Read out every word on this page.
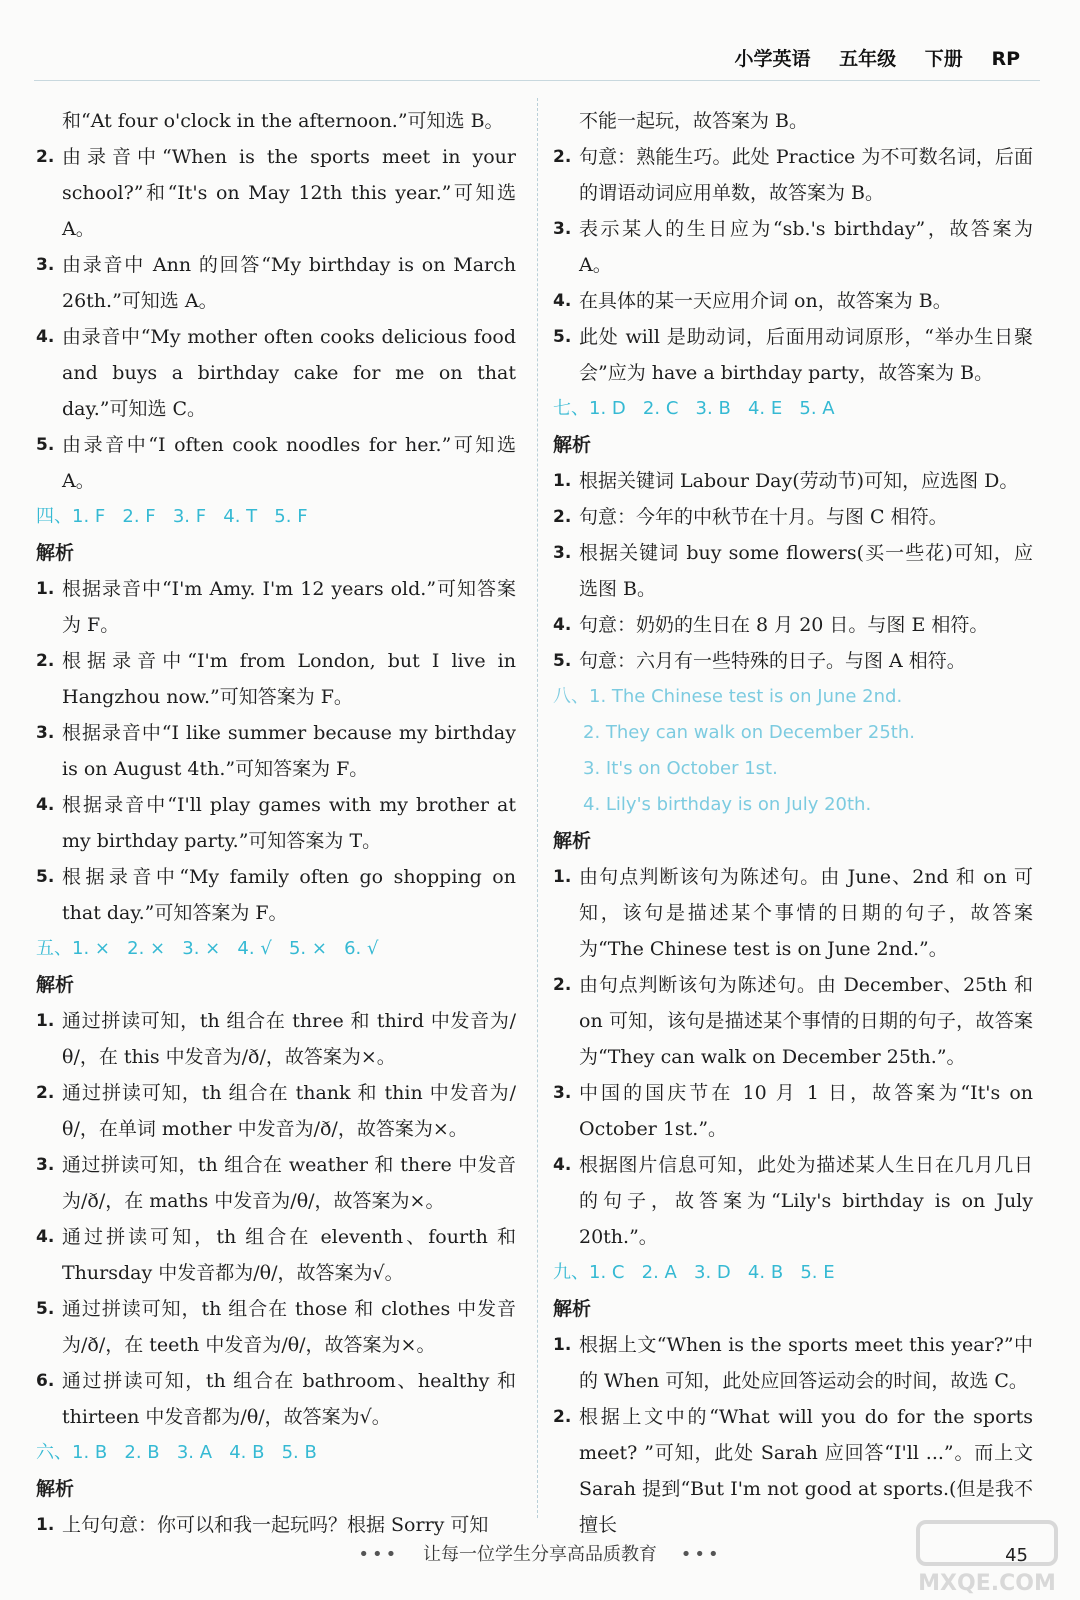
小学英语 五年级 下册 RP
和“At four o'clock in the afternoon.”可知选 B。
2. 由录音中“When is the sports meet in your school?”和“It's on May 12th this year.”可知选 A。
3. 由录音中 Ann 的回答“My birthday is on March 26th.”可知选 A。
4. 由录音中“My mother often cooks delicious food and buys a birthday cake for me on that day.”可知选 C。
5. 由录音中“I often cook noodles for her.”可知选 A。
四、1. F   2. F   3. F   4. T   5. F
解析
1. 根据录音中“I'm Amy. I'm 12 years old.”可知答案为 F。
2. 根据录音中“I'm from London, but I live in Hangzhou now.”可知答案为 F。
3. 根据录音中“I like summer because my birthday is on August 4th.”可知答案为 F。
4. 根据录音中“I'll play games with my brother at my birthday party.”可知答案为 T。
5. 根据录音中“My family often go shopping on that day.”可知答案为 F。
五、1. ×   2. ×   3. ×   4. √   5. ×   6. √
解析
1. 通过拼读可知，th 组合在 three 和 third 中发音为/θ/，在 this 中发音为/ð/，故答案为×。
2. 通过拼读可知，th 组合在 thank 和 thin 中发音为/θ/，在单词 mother 中发音为/ð/，故答案为×。
3. 通过拼读可知，th 组合在 weather 和 there 中发音为/ð/，在 maths 中发音为/θ/，故答案为×。
4. 通过拼读可知，th 组合在 eleventh、fourth 和 Thursday 中发音都为/θ/，故答案为√。
5. 通过拼读可知，th 组合在 those 和 clothes 中发音为/ð/，在 teeth 中发音为/θ/，故答案为×。
6. 通过拼读可知，th 组合在 bathroom、healthy 和 thirteen 中发音都为/θ/，故答案为√。
六、1. B   2. B   3. A   4. B   5. B
解析
1. 上句句意：你可以和我一起玩吗？根据 Sorry 可知
不能一起玩，故答案为 B。
2. 句意：熟能生巧。此处 Practice 为不可数名词，后面的谓语动词应用单数，故答案为 B。
3. 表示某人的生日应为“sb.'s birthday”，故答案为 A。
4. 在具体的某一天应用介词 on，故答案为 B。
5. 此处 will 是助动词，后面用动词原形，“举办生日聚会”应为 have a birthday party，故答案为 B。
七、1. D   2. C   3. B   4. E   5. A
解析
1. 根据关键词 Labour Day(劳动节)可知，应选图 D。
2. 句意：今年的中秋节在十月。与图 C 相符。
3. 根据关键词 buy some flowers(买一些花)可知，应选图 B。
4. 句意：奶奶的生日在 8 月 20 日。与图 E 相符。
5. 句意：六月有一些特殊的日子。与图 A 相符。
八、1. The Chinese test is on June 2nd.
2. They can walk on December 25th.
3. It's on October 1st.
4. Lily's birthday is on July 20th.
解析
1. 由句点判断该句为陈述句。由 June、2nd 和 on 可知，该句是描述某个事情的日期的句子，故答案为“The Chinese test is on June 2nd.”。
2. 由句点判断该句为陈述句。由 December、25th 和 on 可知，该句是描述某个事情的日期的句子，故答案为“They can walk on December 25th.”。
3. 中国的国庆节在 10 月 1 日，故答案为“It's on October 1st.”。
4. 根据图片信息可知，此处为描述某人生日在几月几日的句子，故答案为“Lily's birthday is on July 20th.”。
九、1. C   2. A   3. D   4. B   5. E
解析
1. 根据上文“When is the sports meet this year?”中的 When 可知，此处应回答运动会的时间，故选 C。
2. 根据上文中的“What will you do for the sports meet? ”可知，此处 Sarah 应回答“I'll ...”。而上文 Sarah 提到“But I'm not good at sports.(但是我不擅长
••• 让每一位学生分享高品质教育 •••	45
MXQE.COM
